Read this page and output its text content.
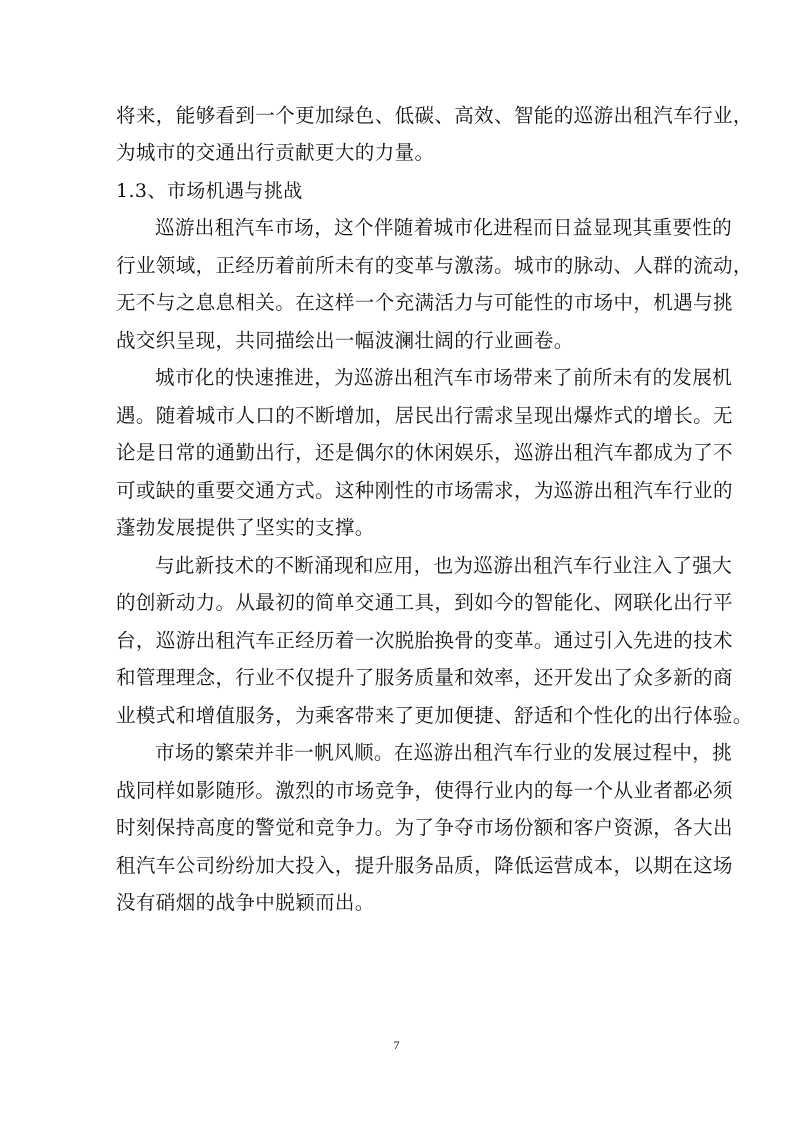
将来，能够看到一个更加绿色、低碳、高效、智能的巡游出租汽车行业，
为城市的交通出行贡献更大的力量。
1.3、市场机遇与挑战
巡游出租汽车市场，这个伴随着城市化进程而日益显现其重要性的
行业领域，正经历着前所未有的变革与激荡。城市的脉动、人群的流动，
无不与之息息相关。在这样一个充满活力与可能性的市场中，机遇与挑
战交织呈现，共同描绘出一幅波澜壮阔的行业画卷。
城市化的快速推进，为巡游出租汽车市场带来了前所未有的发展机
遇。随着城市人口的不断增加，居民出行需求呈现出爆炸式的增长。无
论是日常的通勤出行，还是偶尔的休闲娱乐，巡游出租汽车都成为了不
可或缺的重要交通方式。这种刚性的市场需求，为巡游出租汽车行业的
蓬勃发展提供了坚实的支撑。
与此新技术的不断涌现和应用，也为巡游出租汽车行业注入了强大
的创新动力。从最初的简单交通工具，到如今的智能化、网联化出行平
台，巡游出租汽车正经历着一次脱胎换骨的变革。通过引入先进的技术
和管理理念，行业不仅提升了服务质量和效率，还开发出了众多新的商
业模式和增值服务，为乘客带来了更加便捷、舒适和个性化的出行体验。
市场的繁荣并非一帆风顺。在巡游出租汽车行业的发展过程中，挑
战同样如影随形。激烈的市场竞争，使得行业内的每一个从业者都必须
时刻保持高度的警觉和竞争力。为了争夺市场份额和客户资源，各大出
租汽车公司纷纷加大投入，提升服务品质，降低运营成本，以期在这场
没有硝烟的战争中脱颖而出。
7
